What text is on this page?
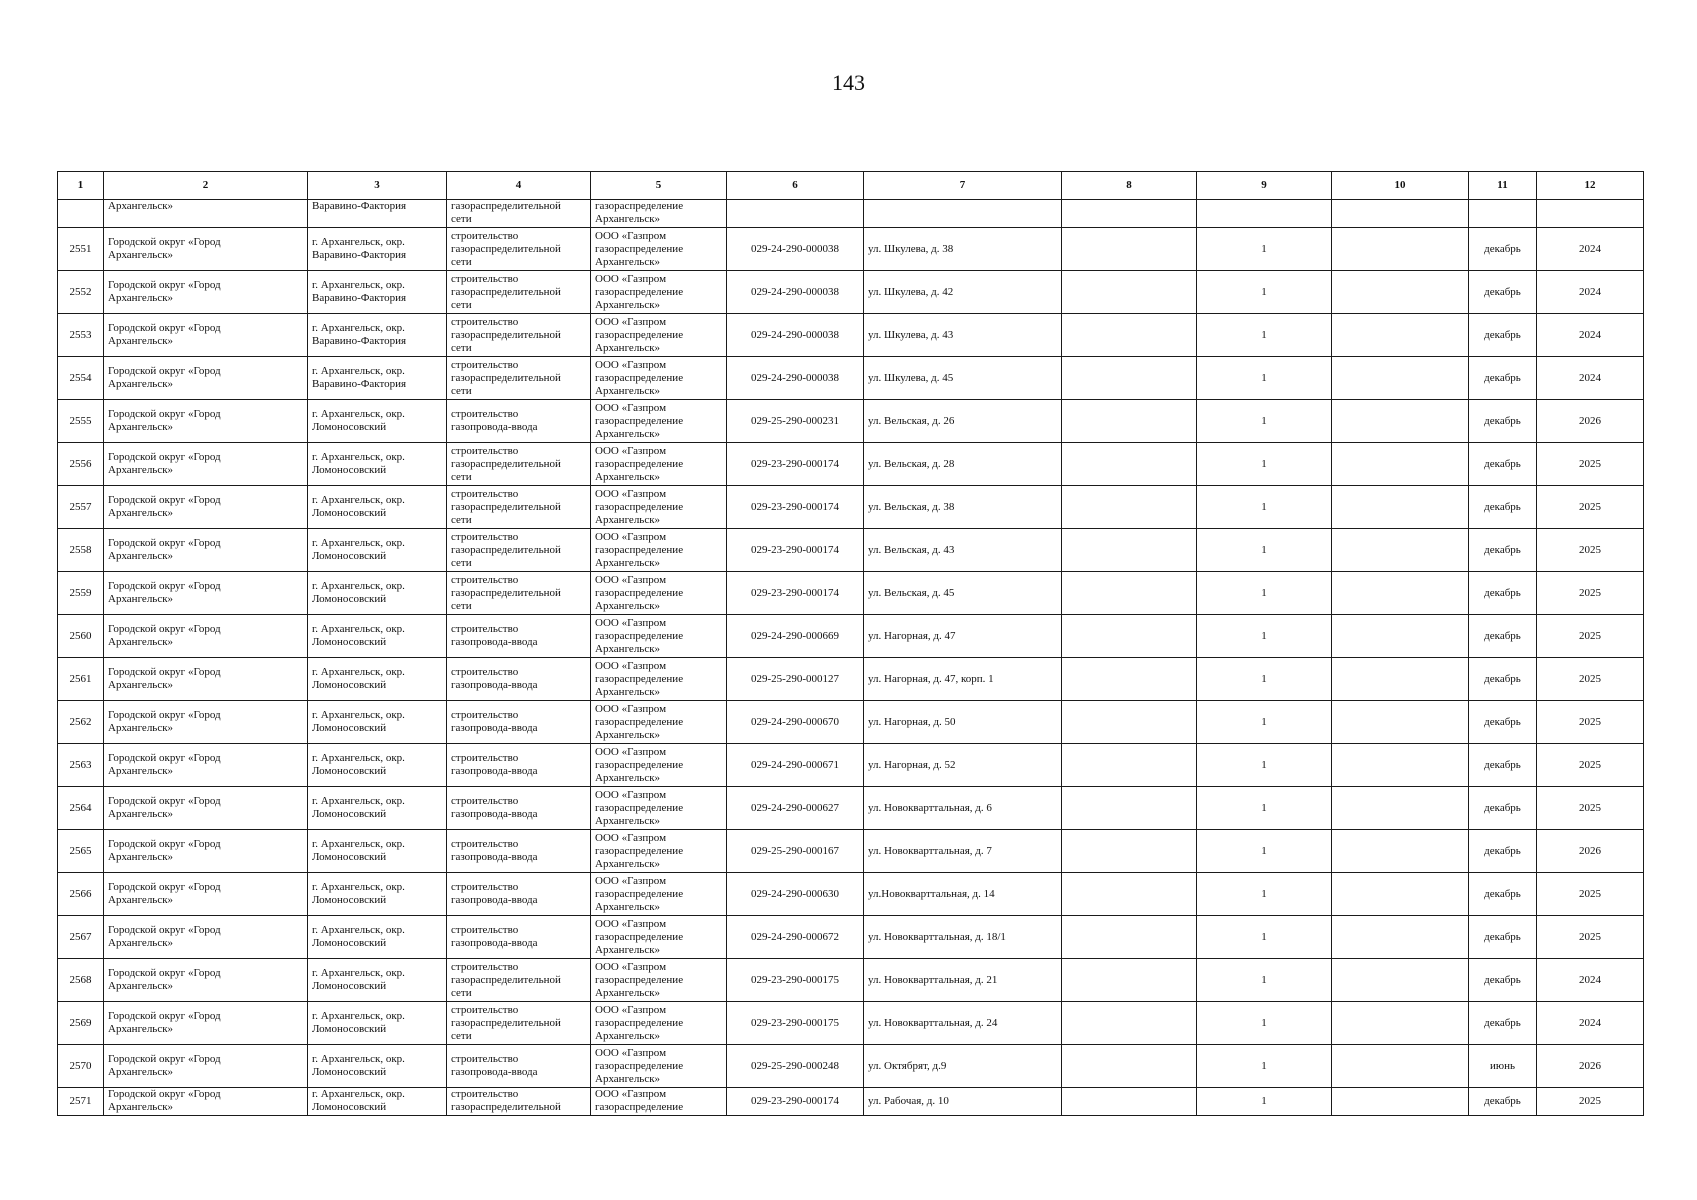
143
1	2	3	4	5	6	7	8	9	10	11	12

	Архангельск»	Варавино-Фактория	газораспределительной
сети	газораспределение
Архангельск»							

2551	Городской округ «Город
Архангельск»	г. Архангельск, окр.
Варавино-Фактория	строительство
газораспределительной
сети	ООО «Газпром
газораспределение
Архангельск»	029-24-290-000038	ул. Шкулева, д. 38		1		декабрь	2024

2552	Городской округ «Город
Архангельск»	г. Архангельск, окр.
Варавино-Фактория	строительство
газораспределительной
сети	ООО «Газпром
газораспределение
Архангельск»	029-24-290-000038	ул. Шкулева, д. 42		1		декабрь	2024

2553	Городской округ «Город
Архангельск»	г. Архангельск, окр.
Варавино-Фактория	строительство
газораспределительной
сети	ООО «Газпром
газораспределение
Архангельск»	029-24-290-000038	ул. Шкулева, д. 43		1		декабрь	2024

2554	Городской округ «Город
Архангельск»	г. Архангельск, окр.
Варавино-Фактория	строительство
газораспределительной
сети	ООО «Газпром
газораспределение
Архангельск»	029-24-290-000038	ул. Шкулева, д. 45		1		декабрь	2024

2555	Городской округ «Город
Архангельск»	г. Архангельск, окр.
Ломоносовский	строительство
газопровода-ввода	ООО «Газпром
газораспределение
Архангельск»	029-25-290-000231	ул. Вельская, д. 26		1		декабрь	2026

2556	Городской округ «Город
Архангельск»	г. Архангельск, окр.
Ломоносовский	строительство
газораспределительной
сети	ООО «Газпром
газораспределение
Архангельск»	029-23-290-000174	ул. Вельская, д. 28		1		декабрь	2025

2557	Городской округ «Город
Архангельск»	г. Архангельск, окр.
Ломоносовский	строительство
газораспределительной
сети	ООО «Газпром
газораспределение
Архангельск»	029-23-290-000174	ул. Вельская, д. 38		1		декабрь	2025

2558	Городской округ «Город
Архангельск»	г. Архангельск, окр.
Ломоносовский	строительство
газораспределительной
сети	ООО «Газпром
газораспределение
Архангельск»	029-23-290-000174	ул. Вельская, д. 43		1		декабрь	2025

2559	Городской округ «Город
Архангельск»	г. Архангельск, окр.
Ломоносовский	строительство
газораспределительной
сети	ООО «Газпром
газораспределение
Архангельск»	029-23-290-000174	ул. Вельская, д. 45		1		декабрь	2025

2560	Городской округ «Город
Архангельск»	г. Архангельск, окр.
Ломоносовский	строительство
газопровода-ввода	ООО «Газпром
газораспределение
Архангельск»	029-24-290-000669	ул. Нагорная, д. 47		1		декабрь	2025

2561	Городской округ «Город
Архангельск»	г. Архангельск, окр.
Ломоносовский	строительство
газопровода-ввода	ООО «Газпром
газораспределение
Архангельск»	029-25-290-000127	ул. Нагорная, д. 47, корп. 1		1		декабрь	2025

2562	Городской округ «Город
Архангельск»	г. Архангельск, окр.
Ломоносовский	строительство
газопровода-ввода	ООО «Газпром
газораспределение
Архангельск»	029-24-290-000670	ул. Нагорная, д. 50		1		декабрь	2025

2563	Городской округ «Город
Архангельск»	г. Архангельск, окр.
Ломоносовский	строительство
газопровода-ввода	ООО «Газпром
газораспределение
Архангельск»	029-24-290-000671	ул. Нагорная, д. 52		1		декабрь	2025

2564	Городской округ «Город
Архангельск»	г. Архангельск, окр.
Ломоносовский	строительство
газопровода-ввода	ООО «Газпром
газораспределение
Архангельск»	029-24-290-000627	ул. Новокварттальная, д. 6		1		декабрь	2025

2565	Городской округ «Город
Архангельск»	г. Архангельск, окр.
Ломоносовский	строительство
газопровода-ввода	ООО «Газпром
газораспределение
Архангельск»	029-25-290-000167	ул. Новокварттальная, д. 7		1		декабрь	2026

2566	Городской округ «Город
Архангельск»	г. Архангельск, окр.
Ломоносовский	строительство
газопровода-ввода	ООО «Газпром
газораспределение
Архангельск»	029-24-290-000630	ул.Новокварттальная, д. 14		1		декабрь	2025

2567	Городской округ «Город
Архангельск»	г. Архангельск, окр.
Ломоносовский	строительство
газопровода-ввода	ООО «Газпром
газораспределение
Архангельск»	029-24-290-000672	ул. Новокварттальная, д. 18/1		1		декабрь	2025

2568	Городской округ «Город
Архангельск»	г. Архангельск, окр.
Ломоносовский	строительство
газораспределительной
сети	ООО «Газпром
газораспределение
Архангельск»	029-23-290-000175	ул. Новокварттальная, д. 21		1		декабрь	2024

2569	Городской округ «Город
Архангельск»	г. Архангельск, окр.
Ломоносовский	строительство
газораспределительной
сети	ООО «Газпром
газораспределение
Архангельск»	029-23-290-000175	ул. Новокварттальная, д. 24		1		декабрь	2024

2570	Городской округ «Город
Архангельск»	г. Архангельск, окр.
Ломоносовский	строительство
газопровода-ввода	ООО «Газпром
газораспределение
Архангельск»	029-25-290-000248	ул. Октябрят, д.9		1		июнь	2026

2571	Городской округ «Город
Архангельск»	г. Архангельск, окр.
Ломоносовский	строительство
газораспределительной	ООО «Газпром
газораспределение	029-23-290-000174	ул. Рабочая, д. 10		1		декабрь	2025
